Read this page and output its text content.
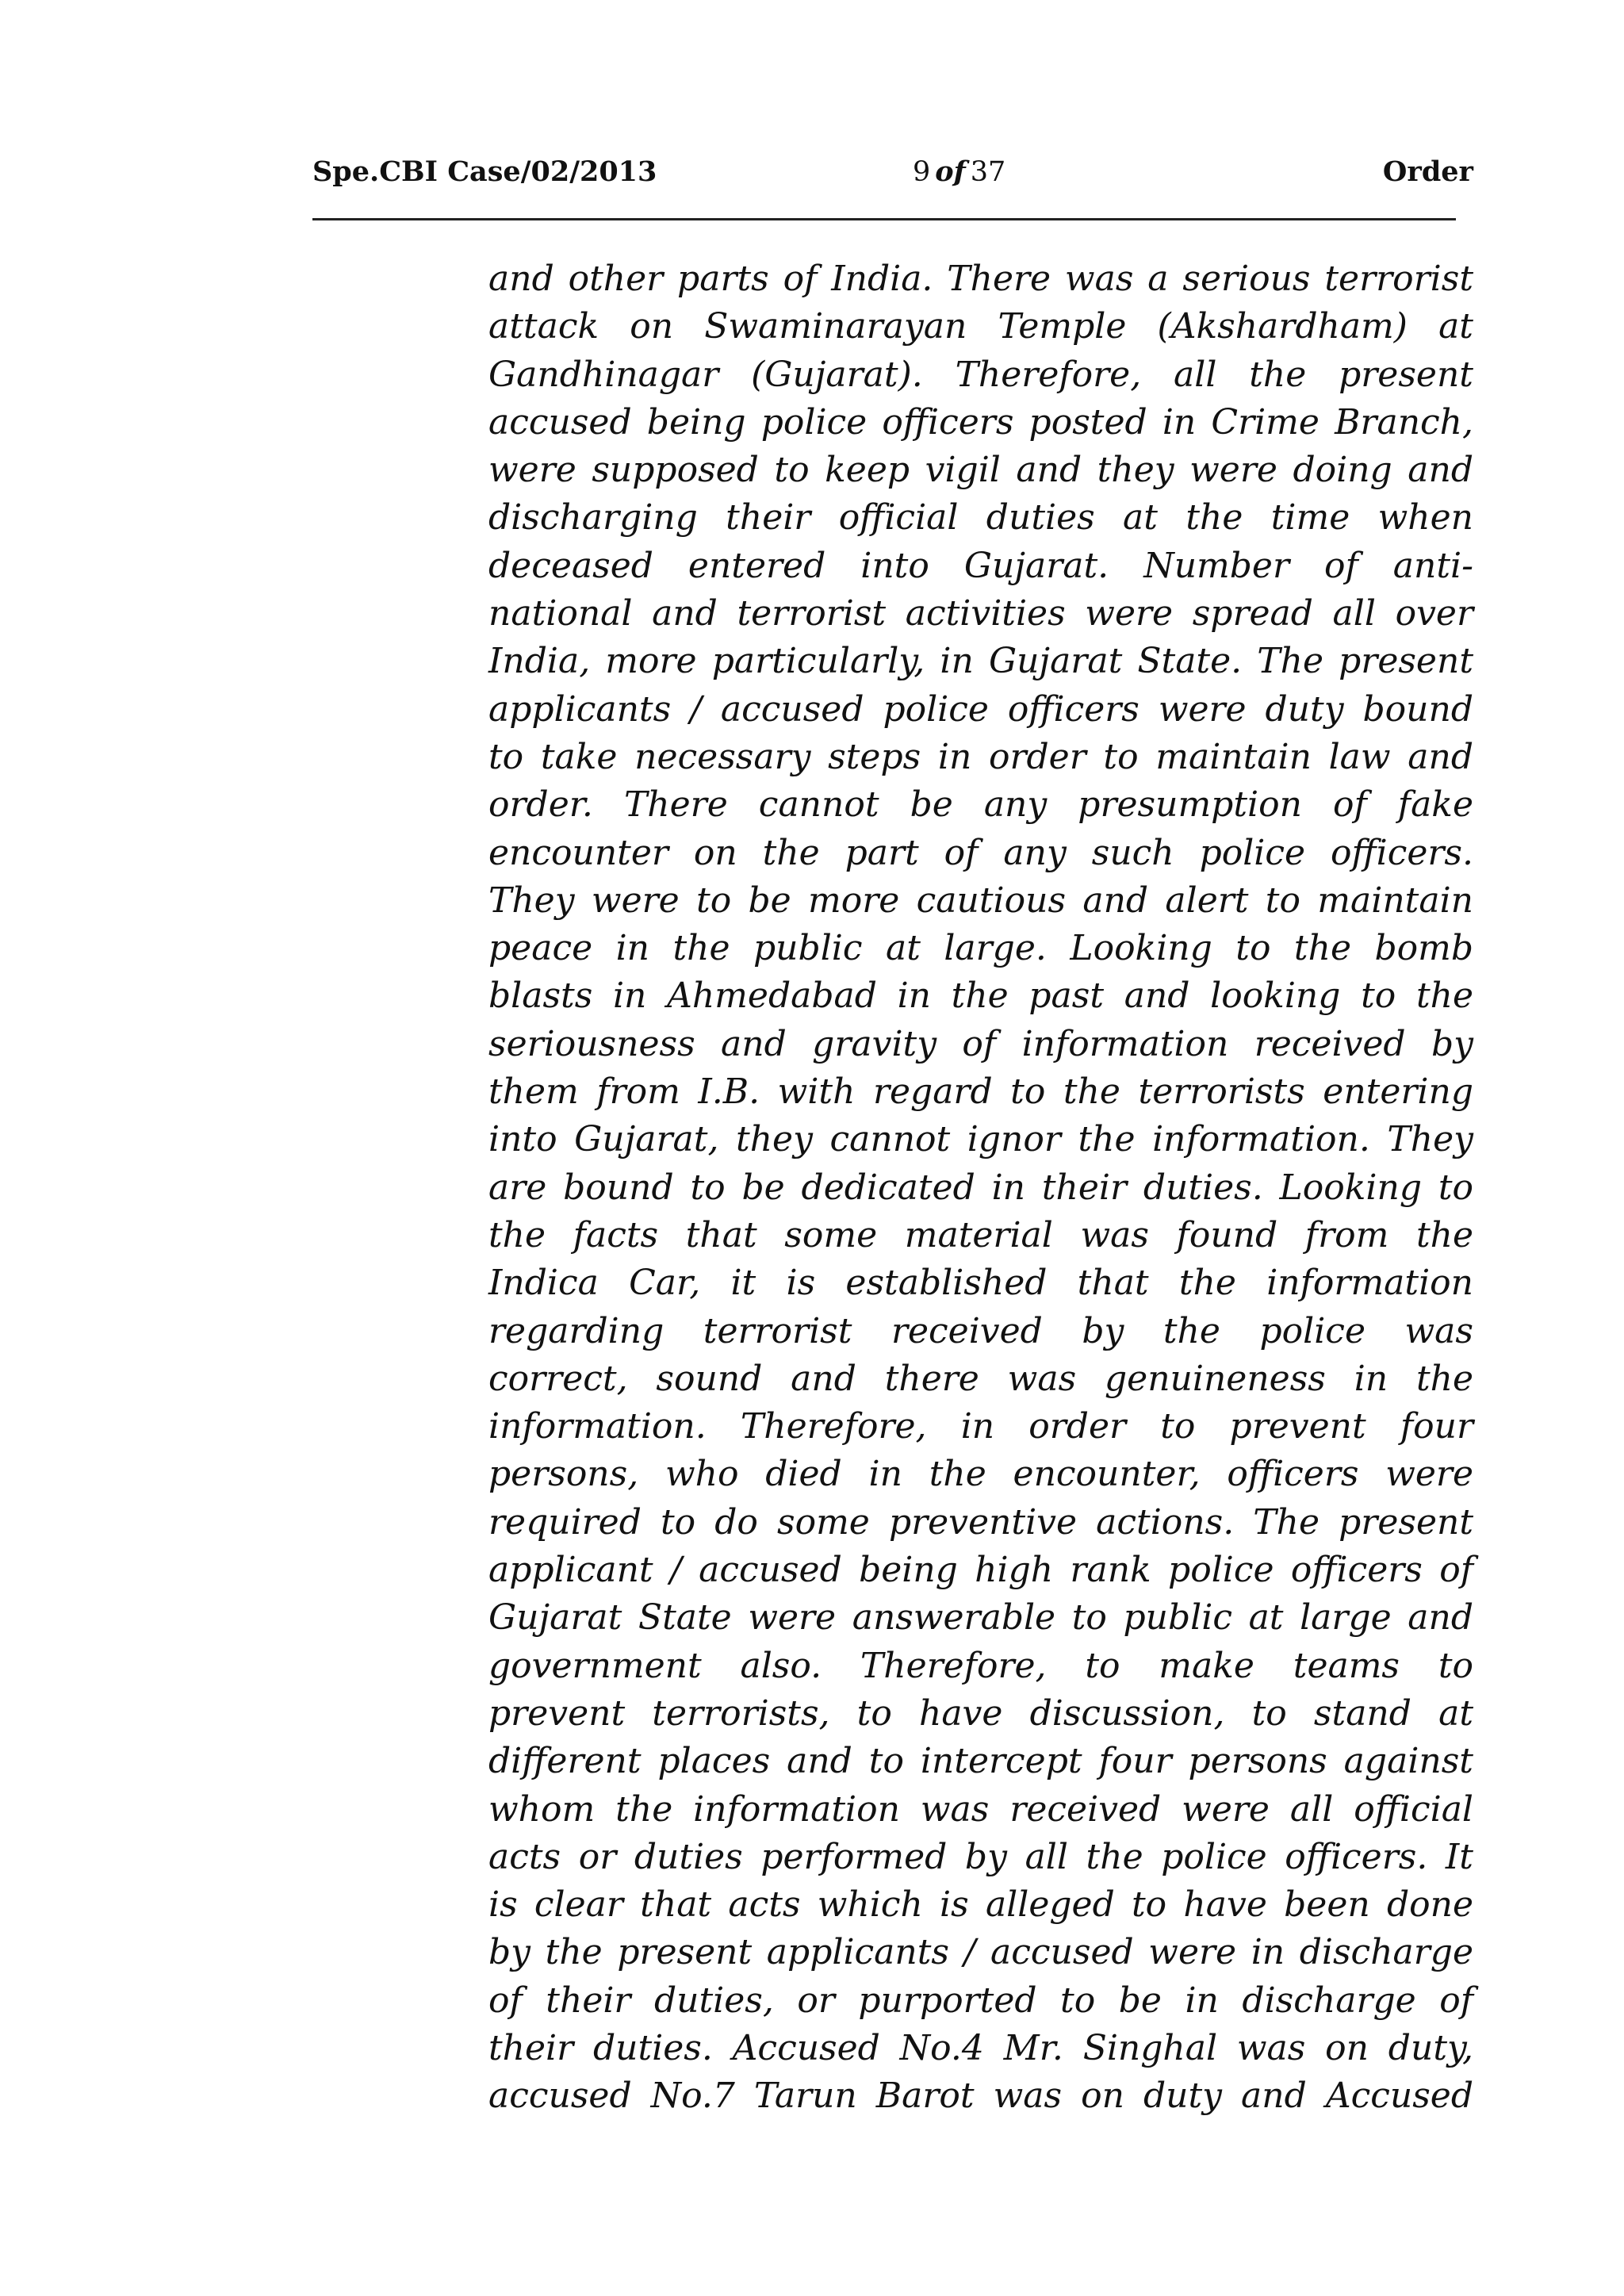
Spe.CBI Case/02/2013	9 of 37	Order
and other parts of India. There was a serious terrorist
attack on Swaminarayan Temple (Akshardham) at
Gandhinagar (Gujarat). Therefore, all the present
accused being police officers posted in Crime Branch,
were supposed to keep vigil and they were doing and
discharging their official duties at the time when
deceased entered into Gujarat. Number of anti-
national and terrorist activities were spread all over
India, more particularly, in Gujarat State. The present
applicants / accused police officers were duty bound
to take necessary steps in order to maintain law and
order. There cannot be any presumption of fake
encounter on the part of any such police officers.
They were to be more cautious and alert to maintain
peace in the public at large. Looking to the bomb
blasts in Ahmedabad in the past and looking to the
seriousness and gravity of information received by
them from I.B. with regard to the terrorists entering
into Gujarat, they cannot ignor the information. They
are bound to be dedicated in their duties. Looking to
the facts that some material was found from the
Indica Car, it is established that the information
regarding terrorist received by the police was
correct, sound and there was genuineness in the
information. Therefore, in order to prevent four
persons, who died in the encounter, officers were
required to do some preventive actions. The present
applicant / accused being high rank police officers of
Gujarat State were answerable to public at large and
government also. Therefore, to make teams to
prevent terrorists, to have discussion, to stand at
different places and to intercept four persons against
whom the information was received were all official
acts or duties performed by all the police officers. It
is clear that acts which is alleged to have been done
by the present applicants / accused were in discharge
of their duties, or purported to be in discharge of
their duties. Accused No.4 Mr. Singhal was on duty,
accused No.7 Tarun Barot was on duty and Accused
